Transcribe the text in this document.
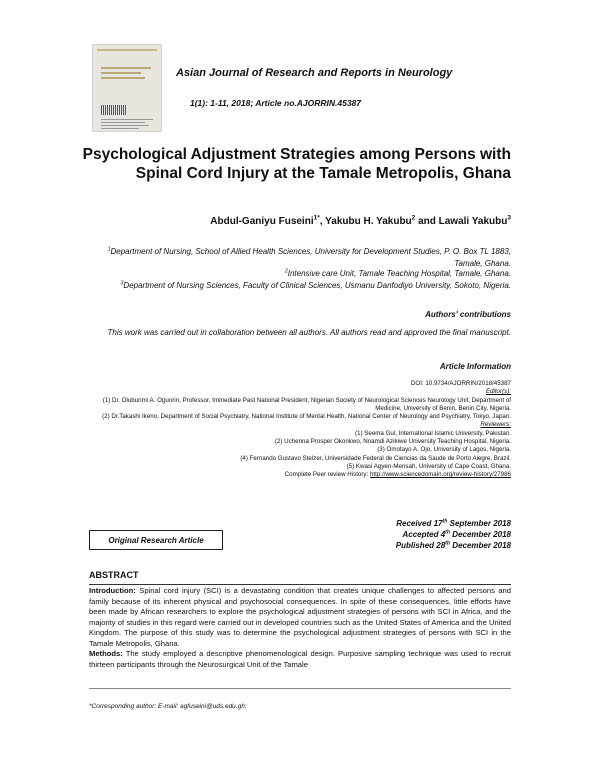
Asian Journal of Research and Reports in Neurology
1(1): 1-11, 2018; Article no.AJORRIN.45387
Psychological Adjustment Strategies among Persons with Spinal Cord Injury at the Tamale Metropolis, Ghana
Abdul-Ganiyu Fuseini$^{1*}$, Yakubu H. Yakubu$^2$ and Lawali Yakubu$^3$
$^1$Department of Nursing, School of Allied Health Sciences, University for Development Studies, P. O. Box TL 1883, Tamale, Ghana.
$^2$Intensive care Unit, Tamale Teaching Hospital, Tamale, Ghana.
$^3$Department of Nursing Sciences, Faculty of Clinical Sciences, Usmanu Danfodiyo University, Sokoto, Nigeria.
Authors' contributions
This work was carried out in collaboration between all authors. All authors read and approved the final manuscript.
Article Information
DOI: 10.9734/AJORRIN/2018/45387
Editor(s):
(1) Dr. Olubunmi A. Ogunrin, Professor, Immediate Past National President, Nigerian Society of Neurological Sciences Neurology Unit, Department of Medicine, University of Benin, Benin City, Nigeria.
(2) Dr.Takashi Ikeno, Department of Social Psychiatry, National Institute of Mental Health, National Center of Neurology and Psychiatry, Tokyo, Japan.
Reviewers:
(1) Seema Gul, International Islamic University, Pakistan.
(2) Uchenna Prosper Okonkwo, Nnamdi Azikiwe University Teaching Hospital, Nigeria.
(3) Omotayo A. Ojo, University of Lagos, Nigeria.
(4) Fernando Gustavo Stelzer, Universidade Federal de Ciencias da Saude de Porto Alegre, Brazil.
(5) Kwasi Agyen-Mensah, University of Cape Coast, Ghana.
Complete Peer review History: http://www.sciencedomain.org/review-history/27986
Received 17th September 2018
Accepted 4th December 2018
Published 28th December 2018
Original Research Article
ABSTRACT
Introduction: Spinal cord injury (SCI) is a devastating condition that creates unique challenges to affected persons and family because of its inherent physical and psychosocial consequences. In spite of these consequences, little efforts have been made by African researchers to explore the psychological adjustment strategies of persons with SCI in Africa, and the majority of studies in this regard were carried out in developed countries such as the United States of America and the United Kingdom. The purpose of this study was to determine the psychological adjustment strategies of persons with SCI in the Tamale Metropolis, Ghana.
Methods: The study employed a descriptive phenomenological design. Purposive sampling technique was used to recruit thirteen participants through the Neurosurgical Unit of the Tamale
*Corresponding author: E-mail: agfuseini@uds.edu.gh;
